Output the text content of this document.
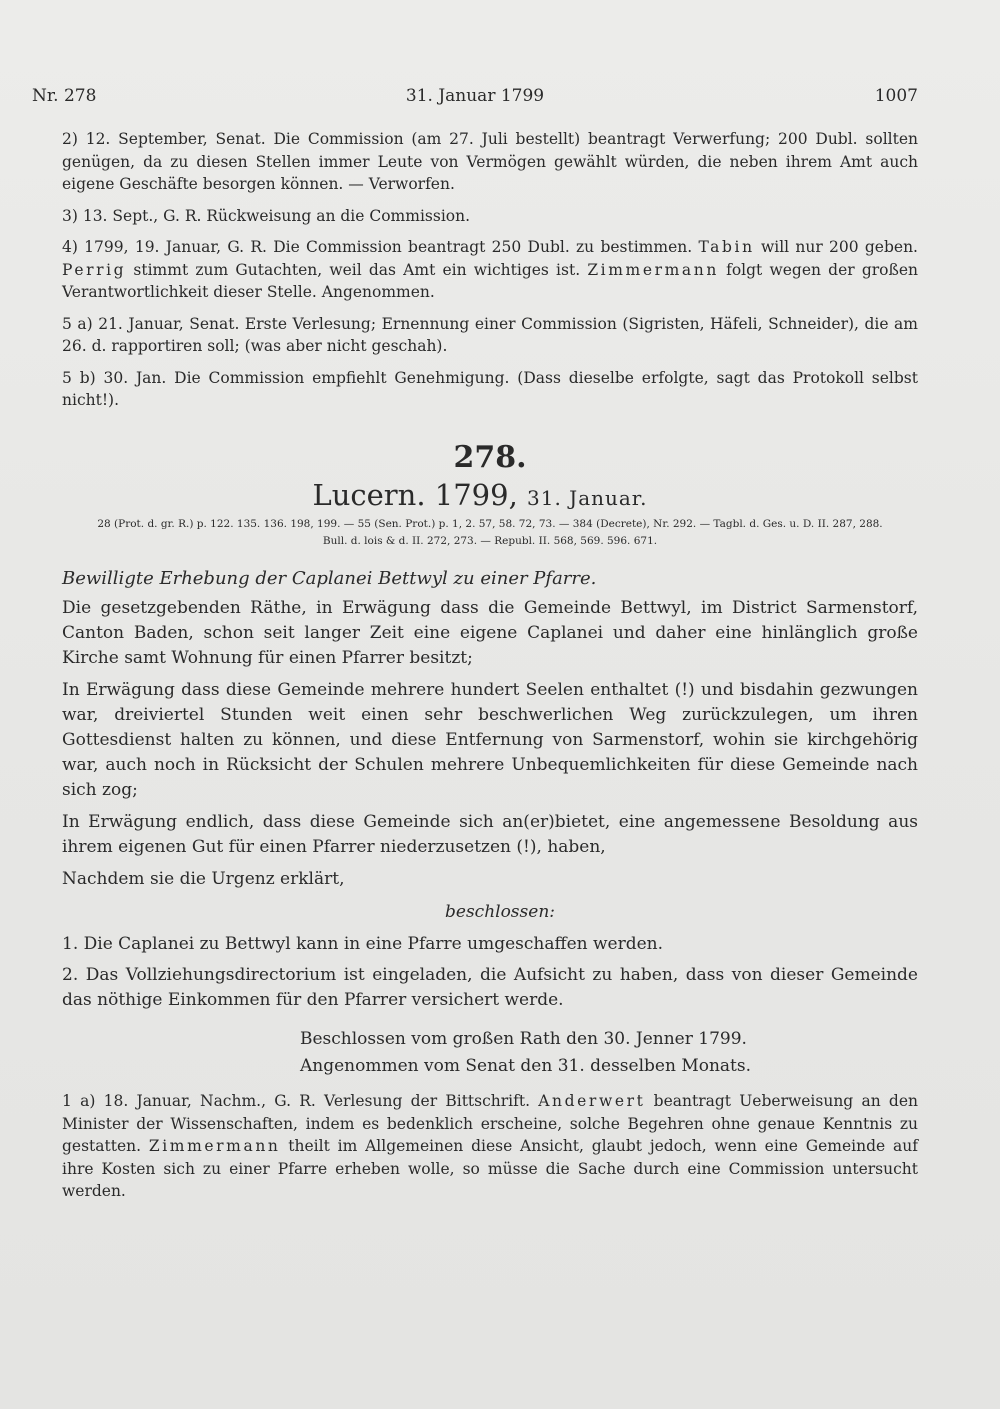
Nr. 278	31. Januar 1799	1007

2) 12. September, Senat. Die Commission (am 27. Juli bestellt) beantragt Verwerfung; 200 Dubl. sollten genügen, da zu diesen Stellen immer Leute von Vermögen gewählt würden, die neben ihrem Amt auch eigene Geschäfte besorgen können. — Verworfen.

3) 13. Sept., G. R. Rückweisung an die Commission.

4) 1799, 19. Januar, G. R. Die Commission beantragt 250 Dubl. zu bestimmen. Tabin will nur 200 geben. Perrig stimmt zum Gutachten, weil das Amt ein wichtiges ist. Zimmermann folgt wegen der großen Verantwortlichkeit dieser Stelle. Angenommen.

5 a) 21. Januar, Senat. Erste Verlesung; Ernennung einer Commission (Sigristen, Häfeli, Schneider), die am 26. d. rapportiren soll; (was aber nicht geschah).

5 b) 30. Jan. Die Commission empfiehlt Genehmigung. (Dass dieselbe erfolgte, sagt das Protokoll selbst nicht!).

278.
Lucern. 1799, 31. Januar.
28 (Prot. d. gr. R.) p. 122. 135. 136. 198, 199. — 55 (Sen. Prot.) p. 1, 2. 57, 58. 72, 73. — 384 (Decrete), Nr. 292. — Tagbl. d. Ges. u. D. II. 287, 288.
Bull. d. lois & d. II. 272, 273. — Republ. II. 568, 569. 596. 671.
Bewilligte Erhebung der Caplanei Bettwyl zu einer Pfarre.

Die gesetzgebenden Räthe, in Erwägung dass die Gemeinde Bettwyl, im District Sarmenstorf, Canton Baden, schon seit langer Zeit eine eigene Caplanei und daher eine hinlänglich große Kirche samt Wohnung für einen Pfarrer besitzt;

In Erwägung dass diese Gemeinde mehrere hundert Seelen enthaltet (!) und bisdahin gezwungen war, dreiviertel Stunden weit einen sehr beschwerlichen Weg zurückzulegen, um ihren Gottesdienst halten zu können, und diese Entfernung von Sarmenstorf, wohin sie kirchgehörig war, auch noch in Rücksicht der Schulen mehrere Unbequemlichkeiten für diese Gemeinde nach sich zog;

In Erwägung endlich, dass diese Gemeinde sich an(er)bietet, eine angemessene Besoldung aus ihrem eigenen Gut für einen Pfarrer niederzusetzen (!), haben,

Nachdem sie die Urgenz erklärt,

beschlossen:

1. Die Caplanei zu Bettwyl kann in eine Pfarre umgeschaffen werden.

2. Das Vollziehungsdirectorium ist eingeladen, die Aufsicht zu haben, dass von dieser Gemeinde das nöthige Einkommen für den Pfarrer versichert werde.

Beschlossen vom großen Rath den 30. Jenner 1799.
Angenommen vom Senat den 31. desselben Monats.

1 a) 18. Januar, Nachm., G. R. Verlesung der Bittschrift. Anderwert beantragt Ueberweisung an den Minister der Wissenschaften, indem es bedenklich erscheine, solche Begehren ohne genaue Kenntnis zu gestatten. Zimmermann theilt im Allgemeinen diese Ansicht, glaubt jedoch, wenn eine Gemeinde auf ihre Kosten sich zu einer Pfarre erheben wolle, so müsse die Sache durch eine Commission untersucht werden.
